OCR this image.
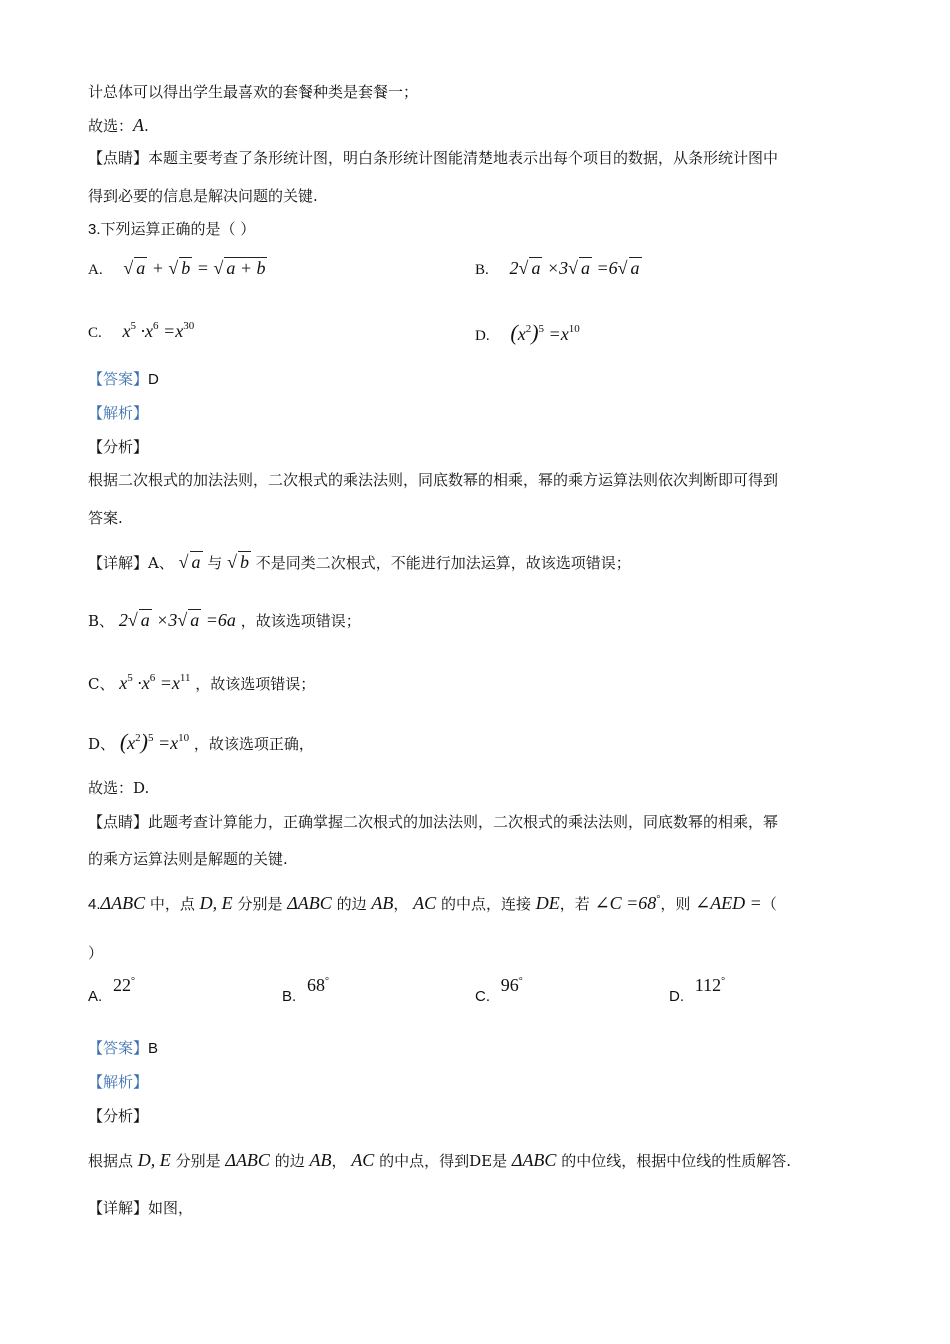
计总体可以得出学生最喜欢的套餐种类是套餐一；
故选：A.
【点睛】本题主要考查了条形统计图，明白条形统计图能清楚地表示出每个项目的数据，从条形统计图中
得到必要的信息是解决问题的关键.
3.下列运算正确的是（ ）
A. √ a + √ b = √ a + b	B. 2√ a ×3√ a =6√ a
C. $x^5 \cdot x^6 =x^{30}$
D. $(x^2)^5 =x^{10}$
【答案】D
【解析】
【分析】
根据二次根式的加法法则，二次根式的乘法法则，同底数幂的相乘，幂的乘方运算法则依次判断即可得到
答案.
【详解】A、 √ a 与 √ b 不是同类二次根式，不能进行加法运算，故该选项错误；
B、 2√ a ×3√ a =6a ，故该选项错误；
C、 $x^5 \cdot x^6 =x^{11}$ ，故该选项错误；
D、 $(x^2)^5 =x^{10}$ ，故该选项正确，
故选：D.
【点睛】此题考查计算能力，正确掌握二次根式的加法法则，二次根式的乘法法则，同底数幂的相乘，幂
的乘方运算法则是解题的关键.
4.ΔABC 中，点 D, E 分别是 ΔABC 的边 AB， AC 的中点，连接 DE，若 ∠C =68°，则 ∠AED =（
）
A. 22°
B. 68°
C. 96°
D. 112°
【答案】B
【解析】
【分析】
根据点 D, E 分别是 ΔABC 的边 AB， AC 的中点，得到DE是 ΔABC 的中位线，根据中位线的性质解答.
【详解】如图，
